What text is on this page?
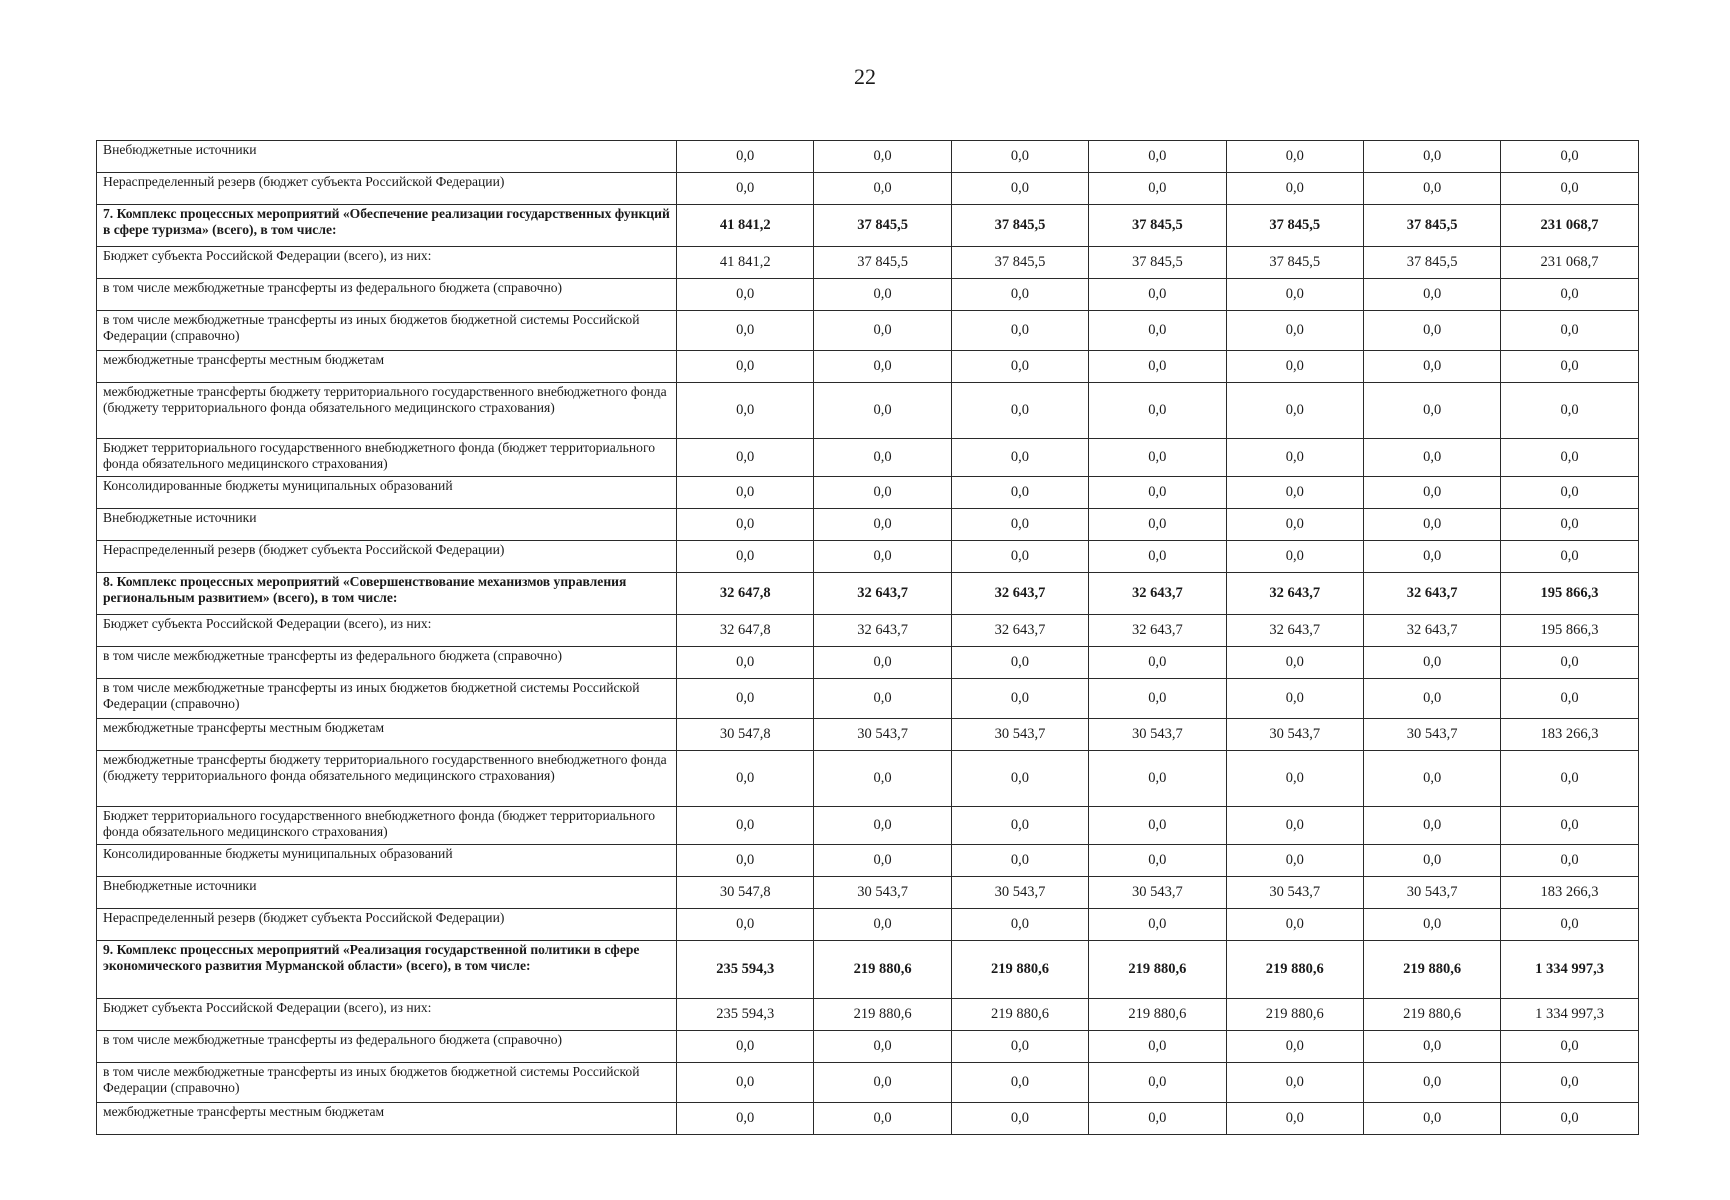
22
Внебюджетные источники	0,0	0,0	0,0	0,0	0,0	0,0	0,0
Нераспределенный резерв (бюджет субъекта Российской Федерации)	0,0	0,0	0,0	0,0	0,0	0,0	0,0
7. Комплекс процессных мероприятий «Обеспечение реализации государственных функций в сфере туризма» (всего), в том числе:	41 841,2	37 845,5	37 845,5	37 845,5	37 845,5	37 845,5	231 068,7
Бюджет субъекта Российской Федерации (всего), из них:	41 841,2	37 845,5	37 845,5	37 845,5	37 845,5	37 845,5	231 068,7
в том числе межбюджетные трансферты из федерального бюджета (справочно)	0,0	0,0	0,0	0,0	0,0	0,0	0,0
в том числе межбюджетные трансферты из иных бюджетов бюджетной системы Российской Федерации (справочно)	0,0	0,0	0,0	0,0	0,0	0,0	0,0
межбюджетные трансферты местным бюджетам	0,0	0,0	0,0	0,0	0,0	0,0	0,0
межбюджетные трансферты бюджету территориального государственного внебюджетного фонда (бюджету территориального фонда обязательного медицинского страхования)	0,0	0,0	0,0	0,0	0,0	0,0	0,0
Бюджет территориального государственного внебюджетного фонда (бюджет территориального фонда обязательного медицинского страхования)	0,0	0,0	0,0	0,0	0,0	0,0	0,0
Консолидированные бюджеты муниципальных образований	0,0	0,0	0,0	0,0	0,0	0,0	0,0
Внебюджетные источники	0,0	0,0	0,0	0,0	0,0	0,0	0,0
Нераспределенный резерв (бюджет субъекта Российской Федерации)	0,0	0,0	0,0	0,0	0,0	0,0	0,0
8. Комплекс процессных мероприятий «Совершенствование механизмов управления региональным развитием» (всего), в том числе:	32 647,8	32 643,7	32 643,7	32 643,7	32 643,7	32 643,7	195 866,3
Бюджет субъекта Российской Федерации (всего), из них:	32 647,8	32 643,7	32 643,7	32 643,7	32 643,7	32 643,7	195 866,3
в том числе межбюджетные трансферты из федерального бюджета (справочно)	0,0	0,0	0,0	0,0	0,0	0,0	0,0
в том числе межбюджетные трансферты из иных бюджетов бюджетной системы Российской Федерации (справочно)	0,0	0,0	0,0	0,0	0,0	0,0	0,0
межбюджетные трансферты местным бюджетам	30 547,8	30 543,7	30 543,7	30 543,7	30 543,7	30 543,7	183 266,3
межбюджетные трансферты бюджету территориального государственного внебюджетного фонда (бюджету территориального фонда обязательного медицинского страхования)	0,0	0,0	0,0	0,0	0,0	0,0	0,0
Бюджет территориального государственного внебюджетного фонда (бюджет территориального фонда обязательного медицинского страхования)	0,0	0,0	0,0	0,0	0,0	0,0	0,0
Консолидированные бюджеты муниципальных образований	0,0	0,0	0,0	0,0	0,0	0,0	0,0
Внебюджетные источники	30 547,8	30 543,7	30 543,7	30 543,7	30 543,7	30 543,7	183 266,3
Нераспределенный резерв (бюджет субъекта Российской Федерации)	0,0	0,0	0,0	0,0	0,0	0,0	0,0
9. Комплекс процессных мероприятий «Реализация государственной политики в сфере экономического развития Мурманской области» (всего), в том числе:	235 594,3	219 880,6	219 880,6	219 880,6	219 880,6	219 880,6	1 334 997,3
Бюджет субъекта Российской Федерации (всего), из них:	235 594,3	219 880,6	219 880,6	219 880,6	219 880,6	219 880,6	1 334 997,3
в том числе межбюджетные трансферты из федерального бюджета (справочно)	0,0	0,0	0,0	0,0	0,0	0,0	0,0
в том числе межбюджетные трансферты из иных бюджетов бюджетной системы Российской Федерации (справочно)	0,0	0,0	0,0	0,0	0,0	0,0	0,0
межбюджетные трансферты местным бюджетам	0,0	0,0	0,0	0,0	0,0	0,0	0,0
